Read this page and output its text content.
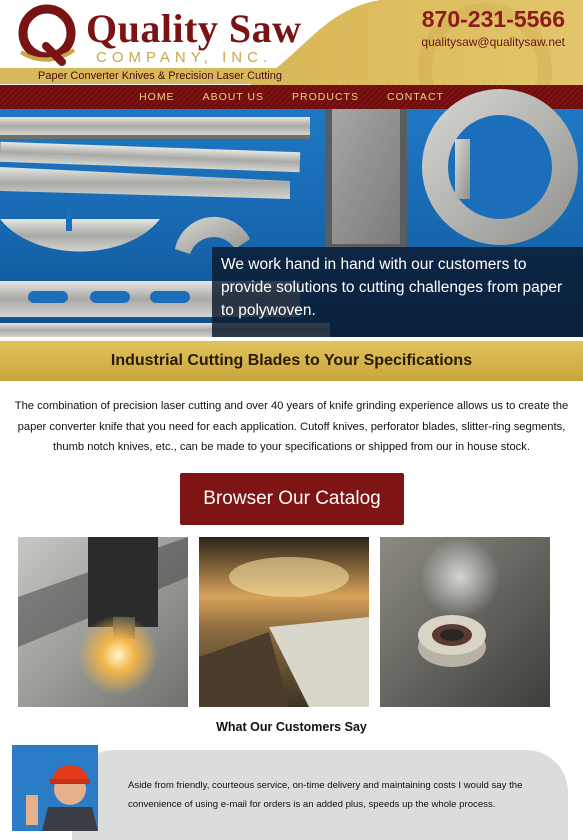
Quality Saw
COMPANY, INC.
Paper Converter Knives & Precision Laser Cutting
870-231-5566
qualitysaw@qualitysaw.net
HOME	ABOUT US	PRODUCTS	CONTACT
We work hand in hand with our customers to provide solutions to cutting challenges from paper to polywoven.
Industrial Cutting Blades to Your Specifications

The combination of precision laser cutting and over 40 years of knife grinding experience allows us to create the paper converter knife that you need for each application. Cutoff knives, perforator blades, slitter-ring segments, thumb notch knives, etc., can be made to your specifications or shipped from our in house stock.

Browser Our Catalog
What Our Customers Say

Aside from friendly, courteous service, on-time delivery and maintaining costs I would say the convenience of using e-mail for orders is an added plus, speeds up the whole process.
